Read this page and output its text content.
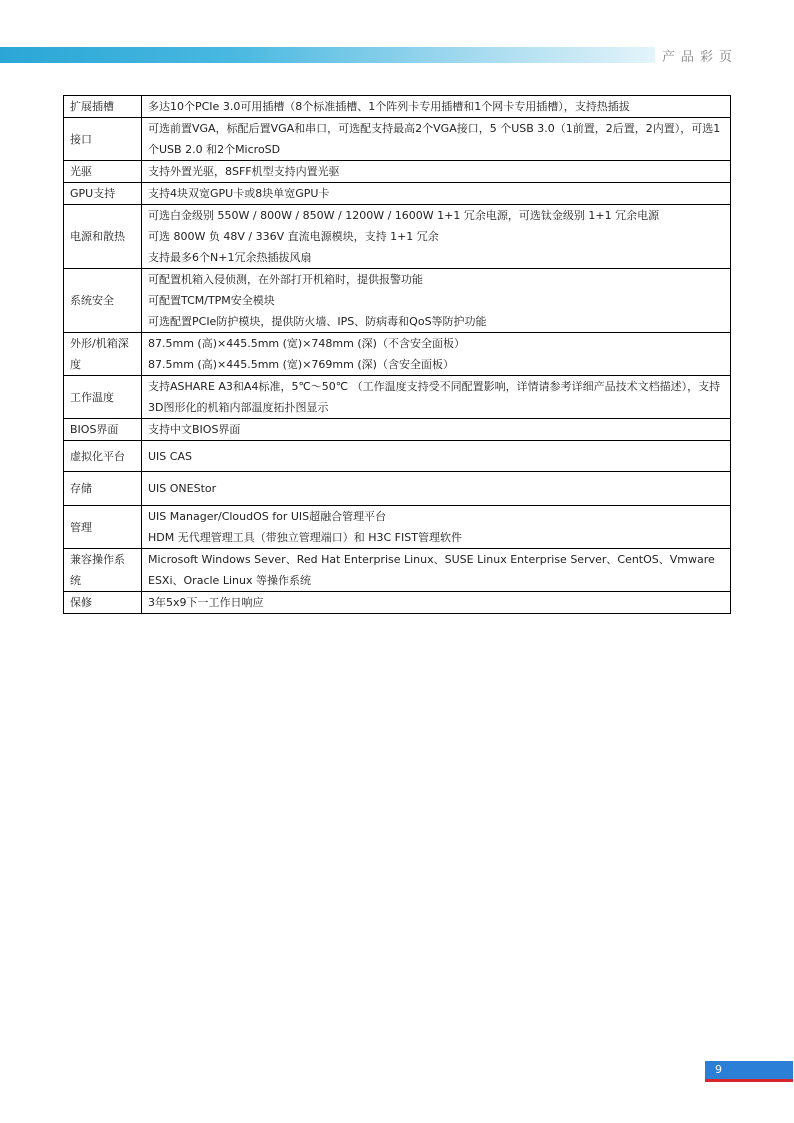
产品彩页
扩展插槽	多达10个PCIe 3.0可用插槽（8个标准插槽、1个阵列卡专用插槽和1个网卡专用插槽），支持热插拔

接口	可选前置VGA，标配后置VGA和串口，可选配支持最高2个VGA接口，5 个USB 3.0（1前置，2后置，2内置），可选1个USB 2.0 和2个MicroSD

光驱	支持外置光驱，8SFF机型支持内置光驱

GPU支持	支持4块双宽GPU卡或8块单宽GPU卡

电源和散热	可选白金级别 550W / 800W / 850W / 1200W / 1600W 1+1 冗余电源，可选钛金级别 1+1 冗余电源
可选 800W 负 48V / 336V 直流电源模块，支持 1+1 冗余
支持最多6个N+1冗余热插拔风扇

系统安全	可配置机箱入侵侦测，在外部打开机箱时，提供报警功能
可配置TCM/TPM安全模块
可选配置PCIe防护模块，提供防火墙、IPS、防病毒和QoS等防护功能

外形/机箱深度	87.5mm (高)×445.5mm (宽)×748mm (深)（不含安全面板）
87.5mm (高)×445.5mm (宽)×769mm (深)（含安全面板）

工作温度	支持ASHARE A3和A4标准，5℃～50℃ （工作温度支持受不同配置影响，详情请参考详细产品技术文档描述），支持3D图形化的机箱内部温度拓扑图显示

BIOS界面	支持中文BIOS界面

虚拟化平台	UIS CAS

存储	UIS ONEStor

管理	UIS Manager/CloudOS for UIS超融合管理平台
HDM 无代理管理工具（带独立管理端口）和 H3C FIST管理软件

兼容操作系统	Microsoft Windows Sever、Red Hat Enterprise Linux、SUSE Linux Enterprise Server、CentOS、Vmware ESXi、Oracle Linux 等操作系统

保修	3年5x9下一工作日响应
9
